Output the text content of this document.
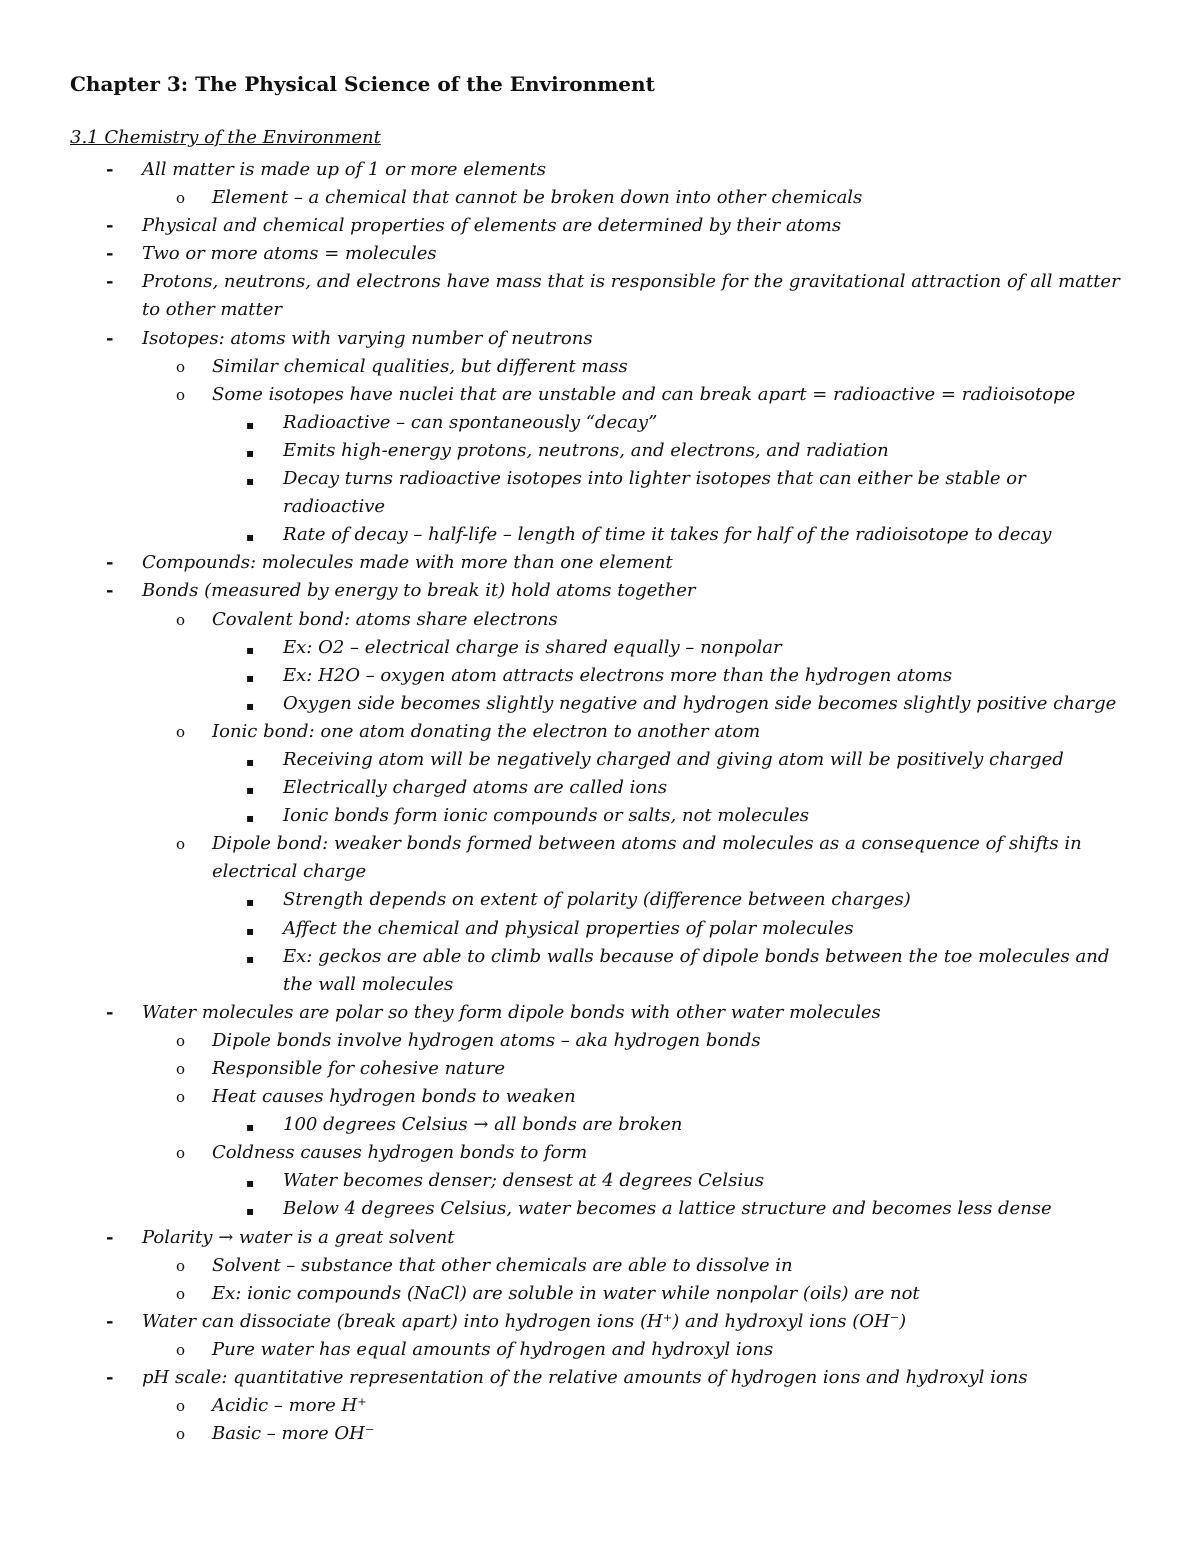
Chapter 3: The Physical Science of the Environment
3.1 Chemistry of the Environment
- All matter is made up of 1 or more elements
o Element – a chemical that cannot be broken down into other chemicals
- Physical and chemical properties of elements are determined by their atoms
- Two or more atoms = molecules
- Protons, neutrons, and electrons have mass that is responsible for the gravitational attraction of all matter to other matter
- Isotopes: atoms with varying number of neutrons
o Similar chemical qualities, but different mass
o Some isotopes have nuclei that are unstable and can break apart = radioactive = radioisotope
▪ Radioactive – can spontaneously “decay”
▪ Emits high-energy protons, neutrons, and electrons, and radiation
▪ Decay turns radioactive isotopes into lighter isotopes that can either be stable or radioactive
▪ Rate of decay – half-life – length of time it takes for half of the radioisotope to decay
- Compounds: molecules made with more than one element
- Bonds (measured by energy to break it) hold atoms together
o Covalent bond: atoms share electrons
▪ Ex: O2 – electrical charge is shared equally – nonpolar
▪ Ex: H2O – oxygen atom attracts electrons more than the hydrogen atoms
▪ Oxygen side becomes slightly negative and hydrogen side becomes slightly positive charge
o Ionic bond: one atom donating the electron to another atom
▪ Receiving atom will be negatively charged and giving atom will be positively charged
▪ Electrically charged atoms are called ions
▪ Ionic bonds form ionic compounds or salts, not molecules
o Dipole bond: weaker bonds formed between atoms and molecules as a consequence of shifts in electrical charge
▪ Strength depends on extent of polarity (difference between charges)
▪ Affect the chemical and physical properties of polar molecules
▪ Ex: geckos are able to climb walls because of dipole bonds between the toe molecules and the wall molecules
- Water molecules are polar so they form dipole bonds with other water molecules
o Dipole bonds involve hydrogen atoms – aka hydrogen bonds
o Responsible for cohesive nature
o Heat causes hydrogen bonds to weaken
▪ 100 degrees Celsius → all bonds are broken
o Coldness causes hydrogen bonds to form
▪ Water becomes denser; densest at 4 degrees Celsius
▪ Below 4 degrees Celsius, water becomes a lattice structure and becomes less dense
- Polarity → water is a great solvent
o Solvent – substance that other chemicals are able to dissolve in
o Ex: ionic compounds (NaCl) are soluble in water while nonpolar (oils) are not
- Water can dissociate (break apart) into hydrogen ions (H⁺) and hydroxyl ions (OH⁻)
o Pure water has equal amounts of hydrogen and hydroxyl ions
- pH scale: quantitative representation of the relative amounts of hydrogen ions and hydroxyl ions
o Acidic – more H⁺
o Basic – more OH⁻
